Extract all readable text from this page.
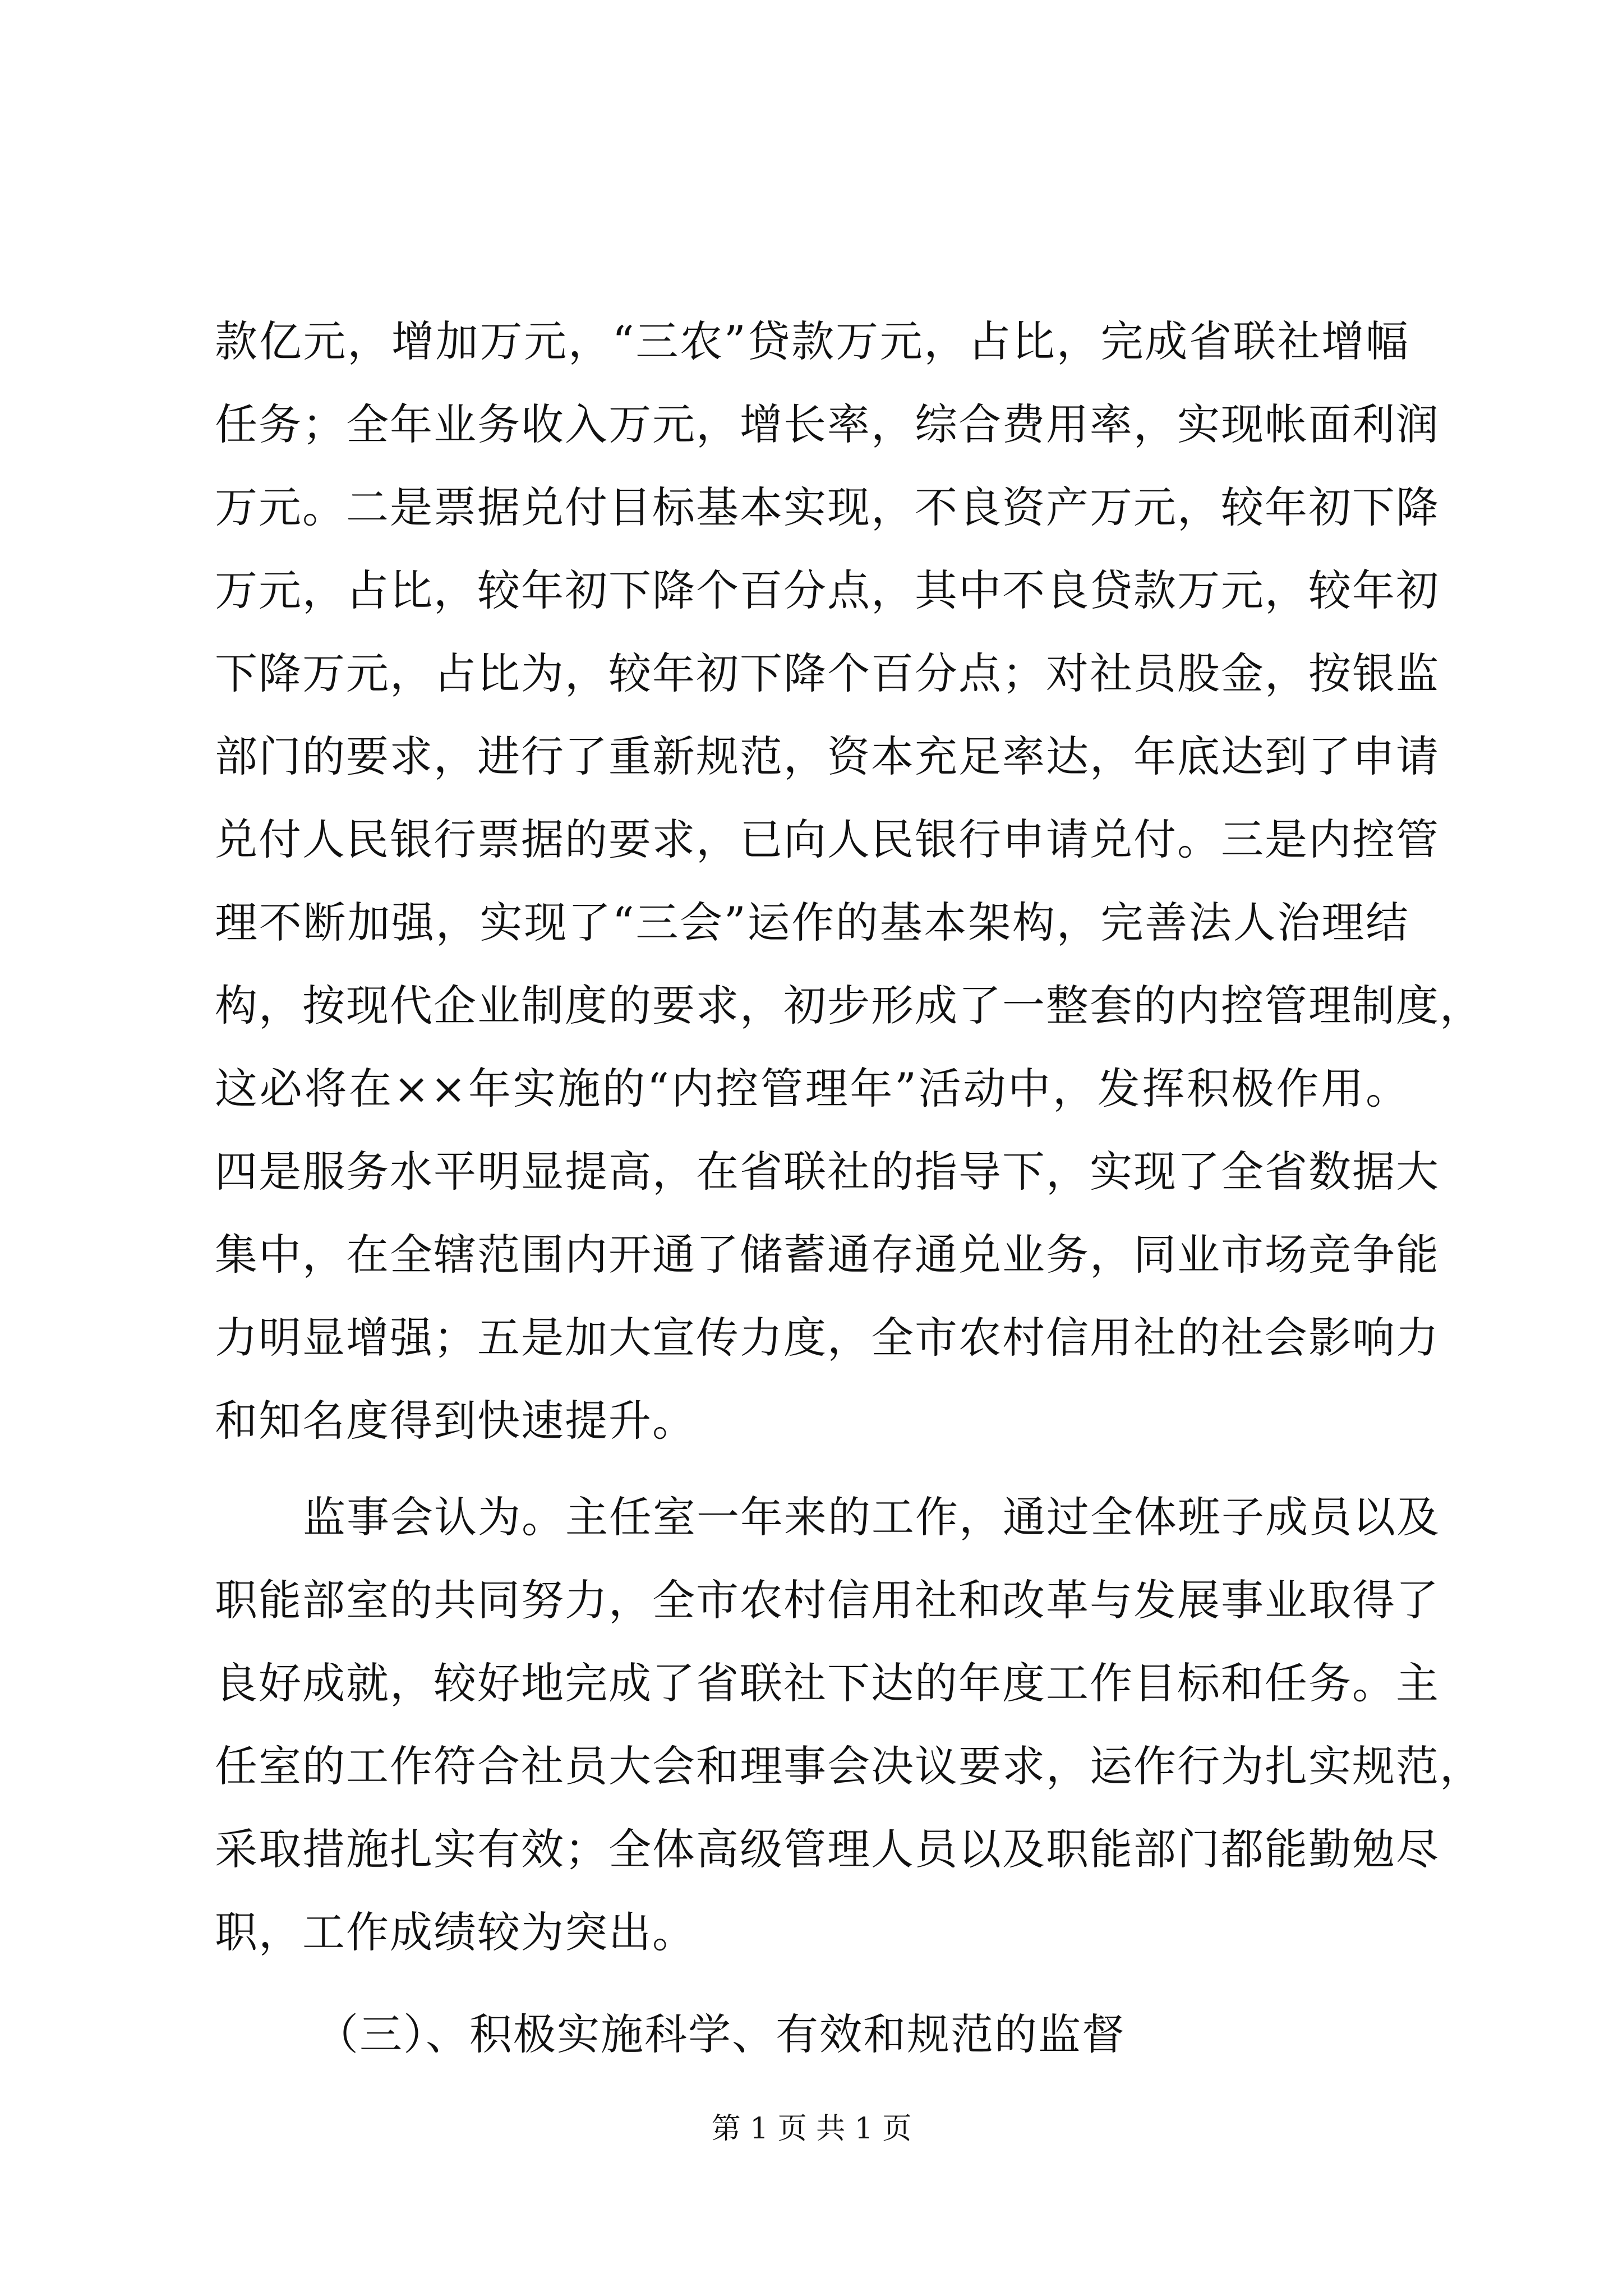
款亿元，增加万元，“三农”贷款万元，占比，完成省联社增幅
任务；全年业务收入万元，增长率，综合费用率，实现帐面利润
万元。二是票据兑付目标基本实现，不良资产万元，较年初下降
万元，占比，较年初下降个百分点，其中不良贷款万元，较年初
下降万元，占比为，较年初下降个百分点；对社员股金，按银监
部门的要求，进行了重新规范，资本充足率达，年底达到了申请
兑付人民银行票据的要求，已向人民银行申请兑付。三是内控管
理不断加强，实现了“三会”运作的基本架构，完善法人治理结
构，按现代企业制度的要求，初步形成了一整套的内控管理制度，
这必将在××年实施的“内控管理年”活动中，发挥积极作用。
四是服务水平明显提高，在省联社的指导下，实现了全省数据大
集中，在全辖范围内开通了储蓄通存通兑业务，同业市场竞争能
力明显增强；五是加大宣传力度，全市农村信用社的社会影响力
和知名度得到快速提升。
监事会认为。主任室一年来的工作，通过全体班子成员以及
职能部室的共同努力，全市农村信用社和改革与发展事业取得了
良好成就，较好地完成了省联社下达的年度工作目标和任务。主
任室的工作符合社员大会和理事会决议要求，运作行为扎实规范，
采取措施扎实有效；全体高级管理人员以及职能部门都能勤勉尽
职，工作成绩较为突出。
（三）、积极实施科学、有效和规范的监督
第 1 页 共 1 页
